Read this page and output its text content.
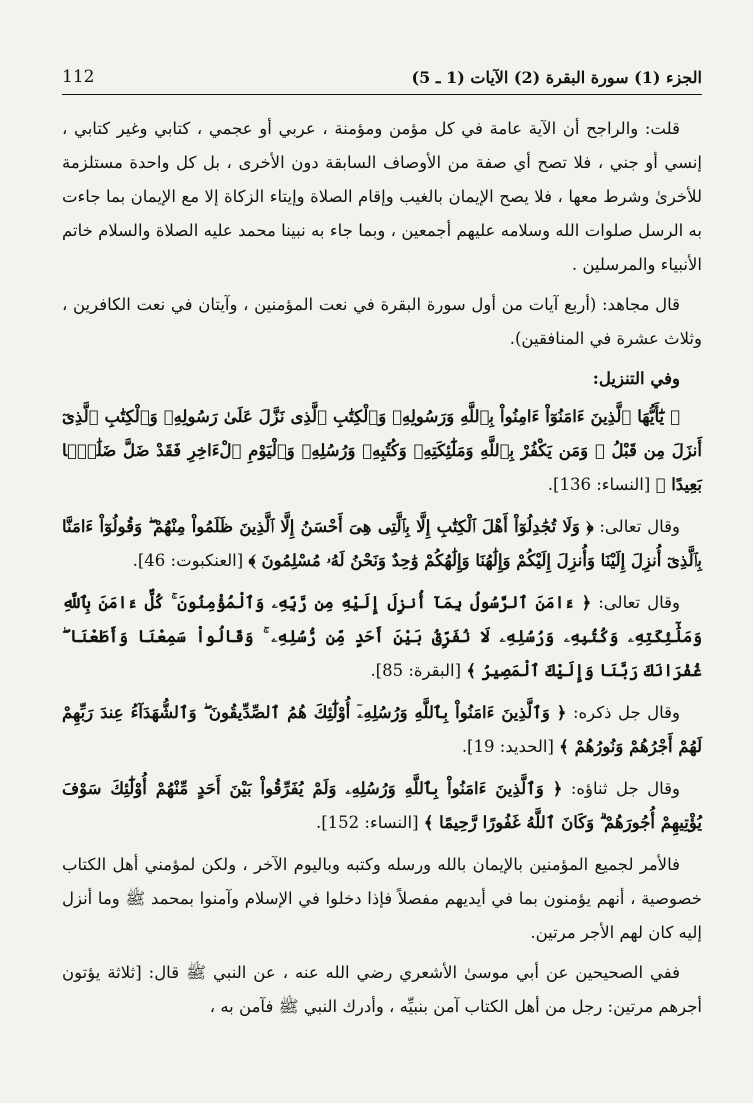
الجزء (1) سورة البقرة (2) الآيات (1 ـ 5)
112

قلت: والراجح أن الآية عامة في كل مؤمن ومؤمنة ، عربي أو عجمي ، كتابي وغير كتابي ، إنسي أو جني ، فلا تصح أي صفة من الأوصاف السابقة دون الأخرى ، بل كل واحدة مستلزمة للأخرىٰ وشرط معها ، فلا يصح الإيمان بالغيب وإقام الصلاة وإيتاء الزكاة إلا مع الإيمان بما جاءت به الرسل صلوات الله وسلامه عليهم أجمعين ، وبما جاء به نبينا محمد عليه الصلاة والسلام خاتم الأنبياء والمرسلين .

قال مجاهد: (أربع آيات من أول سورة البقرة في نعت المؤمنين ، وآيتان في نعت الكافرين ، وثلاث عشرة في المنافقين).

وفي التنزيل:

﴿ يَٰٓأَيُّهَا ٱلَّذِينَ ءَامَنُوٓاْ ءَامِنُواْ بِٱللَّهِ وَرَسُولِهِۦ وَٱلْكِتَٰبِ ٱلَّذِى نَزَّلَ عَلَىٰ رَسُولِهِۦ وَٱلْكِتَٰبِ ٱلَّذِىٓ أَنزَلَ مِن قَبْلُ ۚ وَمَن يَكْفُرْ بِٱللَّهِ وَمَلَٰٓئِكَتِهِۦ وَكُتُبِهِۦ وَرُسُلِهِۦ وَٱلْيَوْمِ ٱلْءَاخِرِ فَقَدْ ضَلَّ ضَلَٰلًۢا بَعِيدًا ﴾ [النساء: 136].

وقال تعالى: ﴿ وَلَا تُجَٰدِلُوٓاْ أَهْلَ ٱلْكِتَٰبِ إِلَّا بِٱلَّتِى هِىَ أَحْسَنُ إِلَّا ٱلَّذِينَ ظَلَمُواْ مِنْهُمْ ۖ وَقُولُوٓاْ ءَامَنَّا بِٱلَّذِىٓ أُنزِلَ إِلَيْنَا وَأُنزِلَ إِلَيْكُمْ وَإِلَٰهُنَا وَإِلَٰهُكُمْ وَٰحِدٌ وَنَحْنُ لَهُۥ مُسْلِمُونَ ﴾ [العنكبوت: 46].

وقال تعالى: ﴿ ءَامَنَ ٱلرَّسُولُ بِمَآ أُنزِلَ إِلَيْهِ مِن رَّبِّهِۦ وَٱلْمُؤْمِنُونَ ۚ كُلٌّ ءَامَنَ بِٱللَّهِ وَمَلَٰٓئِكَتِهِۦ وَكُتُبِهِۦ وَرُسُلِهِۦ لَا نُفَرِّقُ بَيْنَ أَحَدٍ مِّن رُّسُلِهِۦ ۚ وَقَالُواْ سَمِعْنَا وَأَطَعْنَا ۖ غُفْرَانَكَ رَبَّنَا وَإِلَيْكَ ٱلْمَصِيرُ ﴾ [البقرة: 85].

وقال جل ذكره: ﴿ وَٱلَّذِينَ ءَامَنُواْ بِٱللَّهِ وَرُسُلِهِۦٓ أُوْلَٰٓئِكَ هُمُ ٱلصِّدِّيقُونَ ۖ وَٱلشُّهَدَآءُ عِندَ رَبِّهِمْ لَهُمْ أَجْرُهُمْ وَنُورُهُمْ ﴾ [الحديد: 19].

وقال جل ثناؤه: ﴿ وَٱلَّذِينَ ءَامَنُواْ بِٱللَّهِ وَرُسُلِهِۦ وَلَمْ يُفَرِّقُواْ بَيْنَ أَحَدٍ مِّنْهُمْ أُوْلَٰٓئِكَ سَوْفَ يُؤْتِيهِمْ أُجُورَهُمْ ۗ وَكَانَ ٱللَّهُ غَفُورًا رَّحِيمًا ﴾ [النساء: 152].

فالأمر لجميع المؤمنين بالإيمان بالله ورسله وكتبه وباليوم الآخر ، ولكن لمؤمني أهل الكتاب خصوصية ، أنهم يؤمنون بما في أيديهم مفصلاً فإذا دخلوا في الإسلام وآمنوا بمحمد ﷺ وما أنزل إليه كان لهم الأجر مرتين.

ففي الصحيحين عن أبي موسىٰ الأشعري رضي الله عنه ، عن النبي ﷺ قال: [ثلاثة يؤتون أجرهم مرتين: رجل من أهل الكتاب آمن بنبيِّه ، وأدرك النبي ﷺ فآمن به ،
